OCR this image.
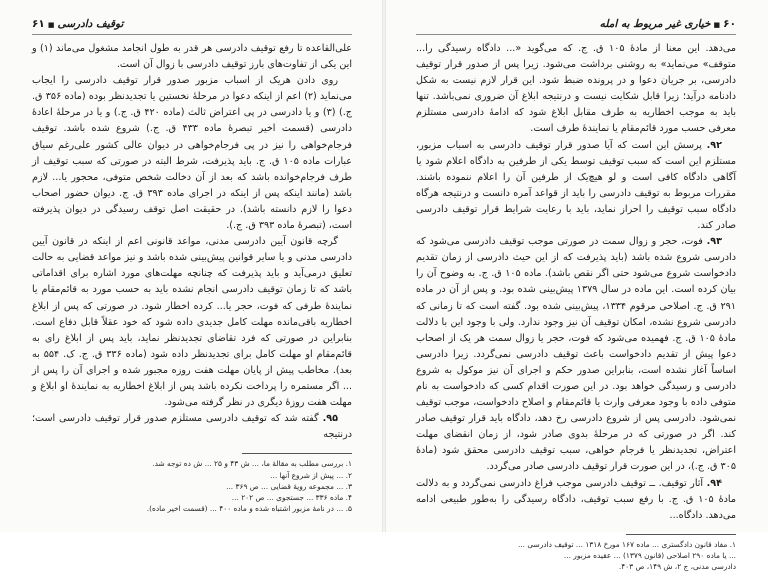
۶۰■خیاری غیر مربوط به امله

می‌دهد. این معنا از مادهٔ ۱۰۵ ق. ج. که می‌گوید «... دادگاه رسیدگی را... متوقف» می‌نماید» به روشنی برداشت می‌شود. زیرا پس از صدور قرار توقیف دادرسی، بر جریان دعوا و در پرونده ضبط شود. این قرار لازم نیست به شکل دادنامه درآید؛ زیرا قابل شکایت نیست و درنتیجه ابلاغ آن ضروری نمی‌باشد. تنها باید به موجب اخطاریه به طرف مقابل ابلاغ شود که ادامهٔ دادرسی مستلزم معرفی حسب مورد قائم‌مقام یا نمایندهٔ طرف است.

۹۲. پرسش این است که آیا صدور قرار توقیف دادرسی به اسباب مزبور، مستلزم این است که سبب توقیف توسط یکی از طرفین به دادگاه اعلام شود یا آگاهی دادگاه کافی است و لو هیچ‌یک از طرفین آن را اعلام ننموده باشند. مقررات مربوط به توقیف دادرسی را باید از قواعد آمره دانست و درنتیجه هرگاه دادگاه سبب توقیف را احراز نماید، باید با رعایت شرایط قرار توقیف دادرسی صادر کند.

۹۳. فوت، حجر و زوال سمت در صورتی موجب توقیف دادرسی می‌شود که دادرسی شروع شده باشد (باید پذیرفت که از این حیث دادرسی از زمان تقدیم دادخواست شروع می‌شود حتی اگر نقص باشد). ماده ۱۰۵ ق. ج. به وضوح آن را بیان کرده است. این ماده در سال ۱۳۷۹ پیش‌بینی شده بود. و پس از آن در ماده ۲۹۱ ق. ج. اصلاحی مرقوم ۱۳۳۴، پیش‌بینی شده بود. گفته است که تا زمانی که دادرسی شروع نشده، امکان توقیف آن نیز وجود ندارد. ولی با وجود این با دلالت مادهٔ ۱۰۵ ق. ج. فهمیده می‌شود که فوت، حجر یا زوال سمت هر یک از اصحاب دعوا پیش از تقدیم دادخواست باعث توقیف دادرسی نمی‌گردد. زیرا دادرسی اساساً آغاز نشده است، بنابراین صدور حکم و اجرای آن نیز موکول به شروع دادرسی و رسیدگی خواهد بود. در این صورت اقدام کسی که دادخواست به نام متوفی داده با وجود معرفی وارث یا قائم‌مقام و اصلاح دادخواست، موجب توقیف نمی‌شود. دادرسی پس از شروع دادرسی رخ دهد، دادگاه باید قرار توقیف صادر کند. اگر در صورتی که در مرحلهٔ بدوی صادر شود، از زمان انقضای مهلت اعتراض، تجدیدنظر یا فرجام خواهی، سبب توقیف دادرسی محقق شود (مادهٔ ۳۰۵ ق. ج.)، در این صورت قرار توقیف دادرسی صادر می‌گردد.

۹۴. آثار توقیف. ــ توقیف دادرسی موجب فراغ دادرسی نمی‌گردد و به دلالت مادهٔ ۱۰۵ ق. ج. با رفع سبب توقیف، دادگاه رسیدگی را به‌طور طبیعی ادامه می‌دهد. دادگاه...

۱. مفاد قانون دادگستری ... ماده ۱۶۷ مورخ ۱۳۱۸ ... توقیف دادرسی ...

... یا ماده ۲۹۰ اصلاحی (قانون ۱۳۷۹) ... عقیده مزبور ...

دادرسی مدنی، ج ۲، ش ۱۴۹، ص ۴۰۳.

توقیف دادرسی■۶۱

علی‌القاعده تا رفع توقیف دادرسی هر قدر به طول انجامد مشغول می‌ماند (۱) و این یکی از تفاوت‌های بارز توقیف دادرسی با زوال آن است.

روی دادن هریک از اسباب مزبور صدور قرار توقیف دادرسی را ایجاب می‌نماید (۲) اعم از اینکه دعوا در مرحلهٔ نخستین یا تجدیدنظر بوده (ماده ۳۵۶ ق. ج.) (۳) و یا دادرسی در پی اعتراض ثالث (ماده ۴۲۰ ق. ج.) و یا در مرحلهٔ اعادهٔ دادرسی (قسمت اخیر تبصرهٔ ماده ۴۳۳ ق. ج.) شروع شده باشد. توقیف فرجام‌خواهی را نیز در پی فرجام‌خواهی در دیوان عالی کشور علی‌رغم سیاق عبارات ماده ۱۰۵ ق. ج. باید پذیرفت، شرط البته در صورتی که سبب توقیف از طرف فرجام‌خوانده باشد که بعد از آن دخالت شخص متوفی، محجور یا... لازم باشد (مانند اینکه پس از اینکه در اجرای ماده ۳۹۳ ق. ج. دیوان حضور اصحاب دعوا را لازم دانسته باشد). در حقیقت اصل توقف رسیدگی در دیوان پذیرفته است، (تبصرهٔ ماده ۳۹۳ ق. ج.).

گرچه قانون آیین دادرسی مدنی، مواعد قانونی اعم از اینکه در قانون آیین دادرسی مدنی و یا سایر قوانین پیش‌بینی شده باشد و نیز مواعد قضایی به حالت تعلیق درمی‌آید و باید پذیرفت که چنانچه مهلت‌های مورد اشاره برای اقداماتی باشد که تا زمان توقیف دادرسی انجام نشده باید به حسب مورد به قائم‌مقام یا نمایندهٔ طرفی که فوت، حجر یا... کرده اخطار شود. در صورتی که پس از ابلاغ اخطاریه باقی‌مانده مهلت کامل جدیدی داده شود که خود عقلاً قابل دفاع است. بنابراین در صورتی که فرد تقاضای تجدیدنظر نماید، باید پس از ابلاغ رای به قائم‌مقام او مهلت کامل برای تجدیدنظر داده شود (ماده ۳۳۶ ق. ج. ک. ۵۵۴ به بعد). مخاطب پیش از پایان مهلت هفت روزه مجبور شده و اجرای آن را پس از ... اگر مستمره را پرداخت نکرده باشد پس از ابلاغ اخطاریه به نمایندهٔ او ابلاغ و مهلت هفت روزهٔ دیگری در نظر گرفته می‌شود.

۹۵. گفته شد که توقیف دادرسی مستلزم صدور قرار توقیف دادرسی است؛ درنتیجه

۱. بررسی مطلب به مقالهٔ ما، ... ش ۴۳ و ۲۵ ... ش ده توجه شد.

۲. ... پیش از شروع آنها ...

۳. ... مجموعه رویهٔ قضایی ... ص ۳۶۹ ...

۴. ماده ۳۳۶ ... جستجوی ... ص ۲۰۲ ...

۵. ... در نامهٔ مزبور اشتباه شده و ماده ۴۰۰ ... (قسمت اخیر ماده).
